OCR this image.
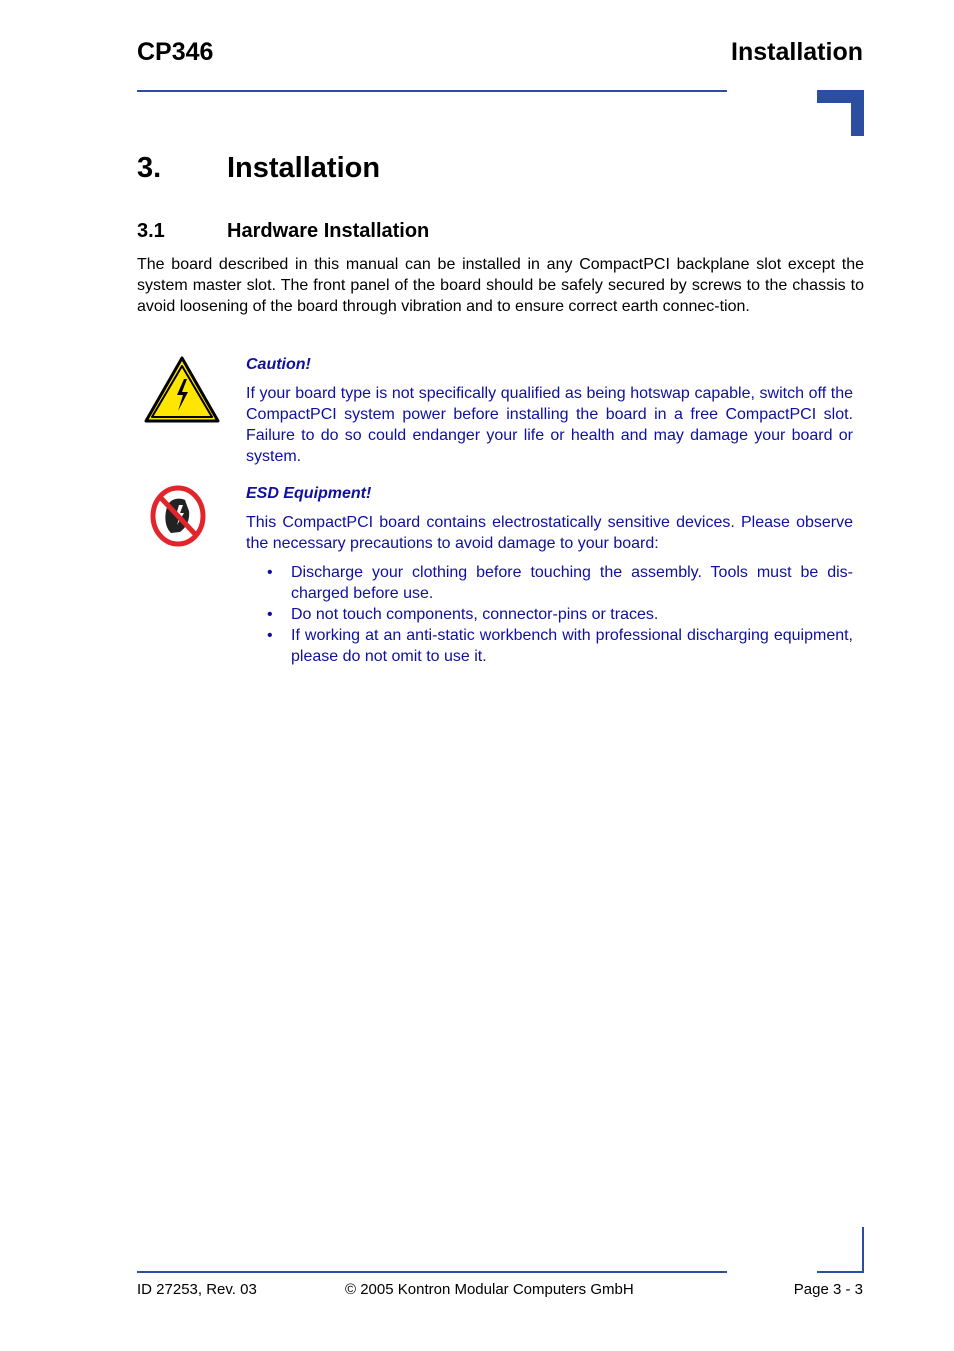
CP346	Installation
3. Installation
3.1	Hardware Installation
The board described in this manual can be installed in any CompactPCI backplane slot except the system master slot. The front panel of the board should be safely secured by screws to the chassis to avoid loosening of the board through vibration and to ensure correct earth connec-tion.
Caution!
If your board type is not specifically qualified as being hotswap capable, switch off the CompactPCI system power before installing the board in a free CompactPCI slot. Failure to do so could endanger your life or health and may damage your board or system.
ESD Equipment!
This CompactPCI board contains electrostatically sensitive devices. Please observe the necessary precautions to avoid damage to your board:
• Discharge your clothing before touching the assembly. Tools must be dis-charged before use.
• Do not touch components, connector-pins or traces.
• If working at an anti-static workbench with professional discharging equipment, please do not omit to use it.
ID 27253, Rev. 03	© 2005 Kontron Modular Computers GmbH	Page 3 - 3
